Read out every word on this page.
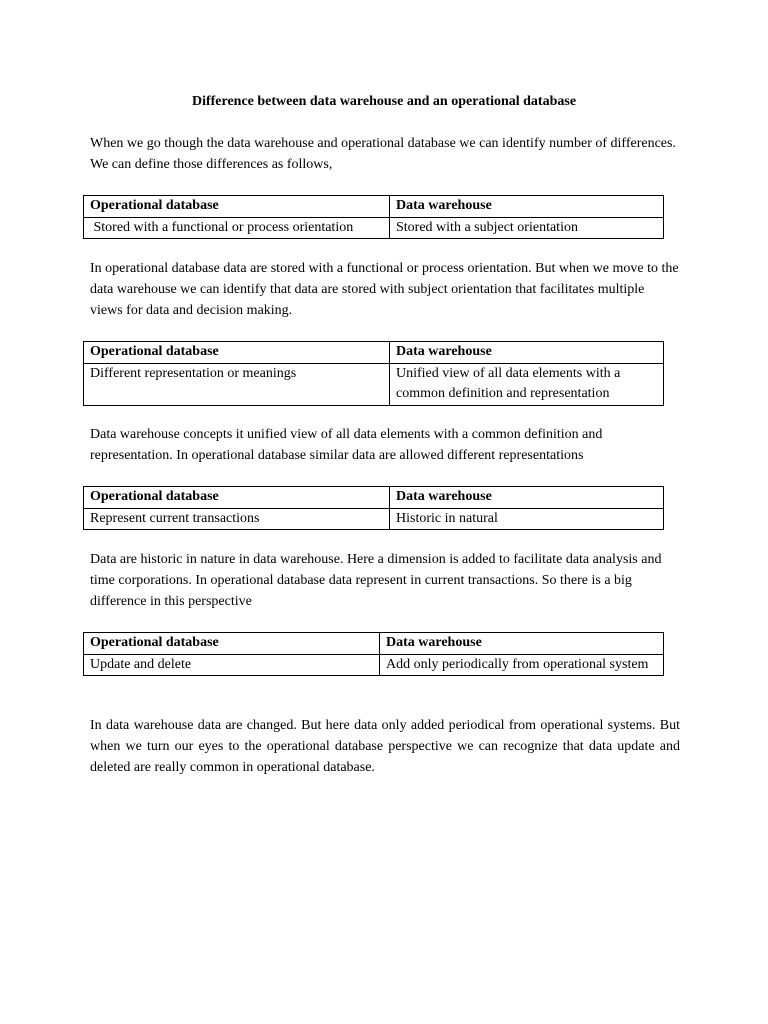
Difference between data warehouse and an operational database

When we go though the data warehouse and operational database we can identify number of differences. We can define those differences as follows,

Operational database	Data warehouse
Stored with a functional or process orientation	Stored with a subject orientation

In operational database data are stored with a functional or process orientation. But when we move to the data warehouse we can identify that data are stored with subject orientation that facilitates multiple views for data and decision making.

Operational database	Data warehouse
Different representation or meanings	Unified view of all data elements with a common definition and representation

Data warehouse concepts it unified view of all data elements with a common definition and representation. In operational database similar data are allowed different representations

Operational database	Data warehouse
Represent current transactions	Historic in natural

Data are historic in nature in data warehouse. Here a dimension is added to facilitate data analysis and time corporations. In operational database data represent in current transactions. So there is a big difference in this perspective

Operational database	Data warehouse
Update and delete	Add only periodically from operational system

In data warehouse data are changed. But here data only added periodical from operational systems. But when we turn our eyes to the operational database perspective we can recognize that data update and deleted are really common in operational database.
